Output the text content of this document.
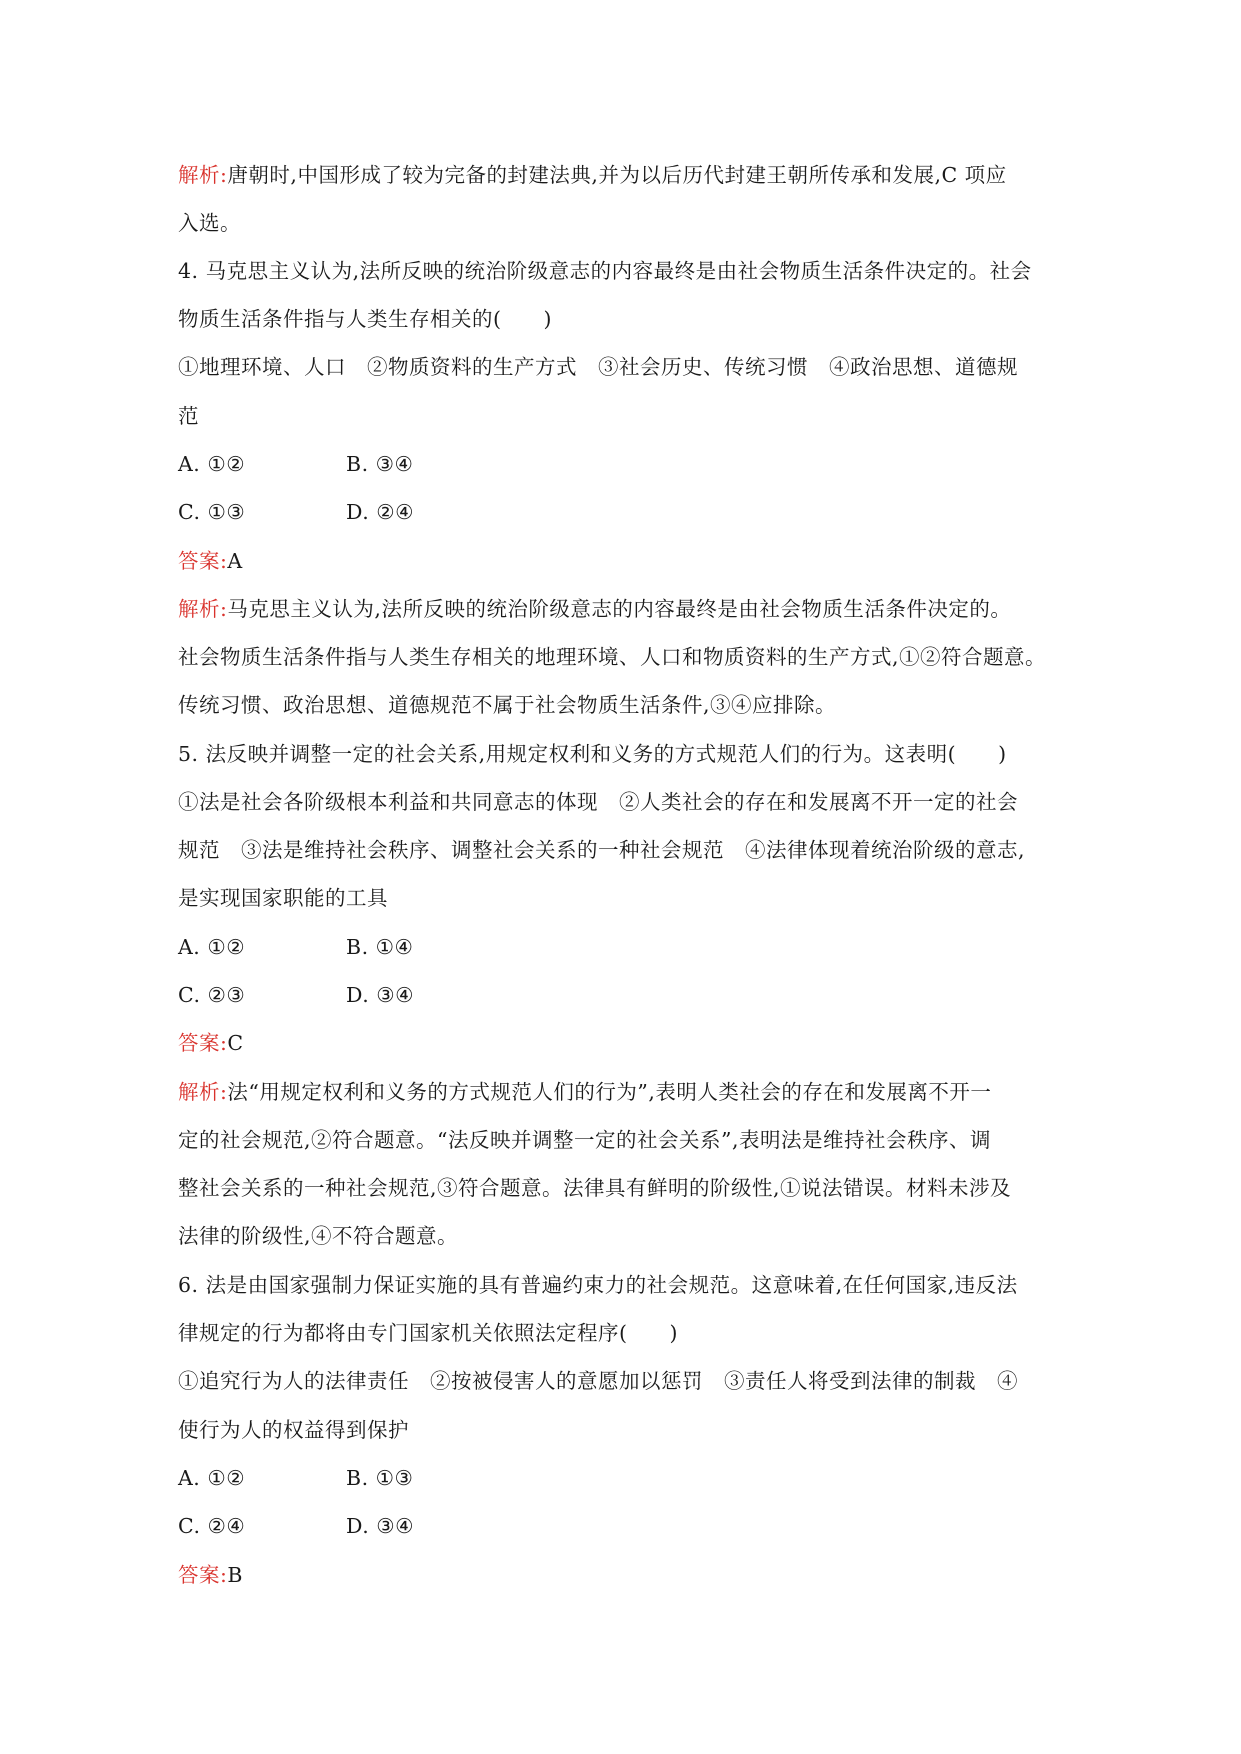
解析:唐朝时,中国形成了较为完备的封建法典,并为以后历代封建王朝所传承和发展,C 项应
入选。
4. 马克思主义认为,法所反映的统治阶级意志的内容最终是由社会物质生活条件决定的。社会
物质生活条件指与人类生存相关的(　　)
①地理环境、人口　②物质资料的生产方式　③社会历史、传统习惯　④政治思想、道德规
范
A. ①②	B. ③④
C. ①③	D. ②④
答案:A
解析:马克思主义认为,法所反映的统治阶级意志的内容最终是由社会物质生活条件决定的。
社会物质生活条件指与人类生存相关的地理环境、人口和物质资料的生产方式,①②符合题意。
传统习惯、政治思想、道德规范不属于社会物质生活条件,③④应排除。
5. 法反映并调整一定的社会关系,用规定权利和义务的方式规范人们的行为。这表明(　　)
①法是社会各阶级根本利益和共同意志的体现　②人类社会的存在和发展离不开一定的社会
规范　③法是维持社会秩序、调整社会关系的一种社会规范　④法律体现着统治阶级的意志,
是实现国家职能的工具
A. ①②	B. ①④
C. ②③	D. ③④
答案:C
解析:法“用规定权利和义务的方式规范人们的行为”,表明人类社会的存在和发展离不开一
定的社会规范,②符合题意。“法反映并调整一定的社会关系”,表明法是维持社会秩序、调
整社会关系的一种社会规范,③符合题意。法律具有鲜明的阶级性,①说法错误。材料未涉及
法律的阶级性,④不符合题意。
6. 法是由国家强制力保证实施的具有普遍约束力的社会规范。这意味着,在任何国家,违反法
律规定的行为都将由专门国家机关依照法定程序(　　)
①追究行为人的法律责任　②按被侵害人的意愿加以惩罚　③责任人将受到法律的制裁　④
使行为人的权益得到保护
A. ①②	B. ①③
C. ②④	D. ③④
答案:B
